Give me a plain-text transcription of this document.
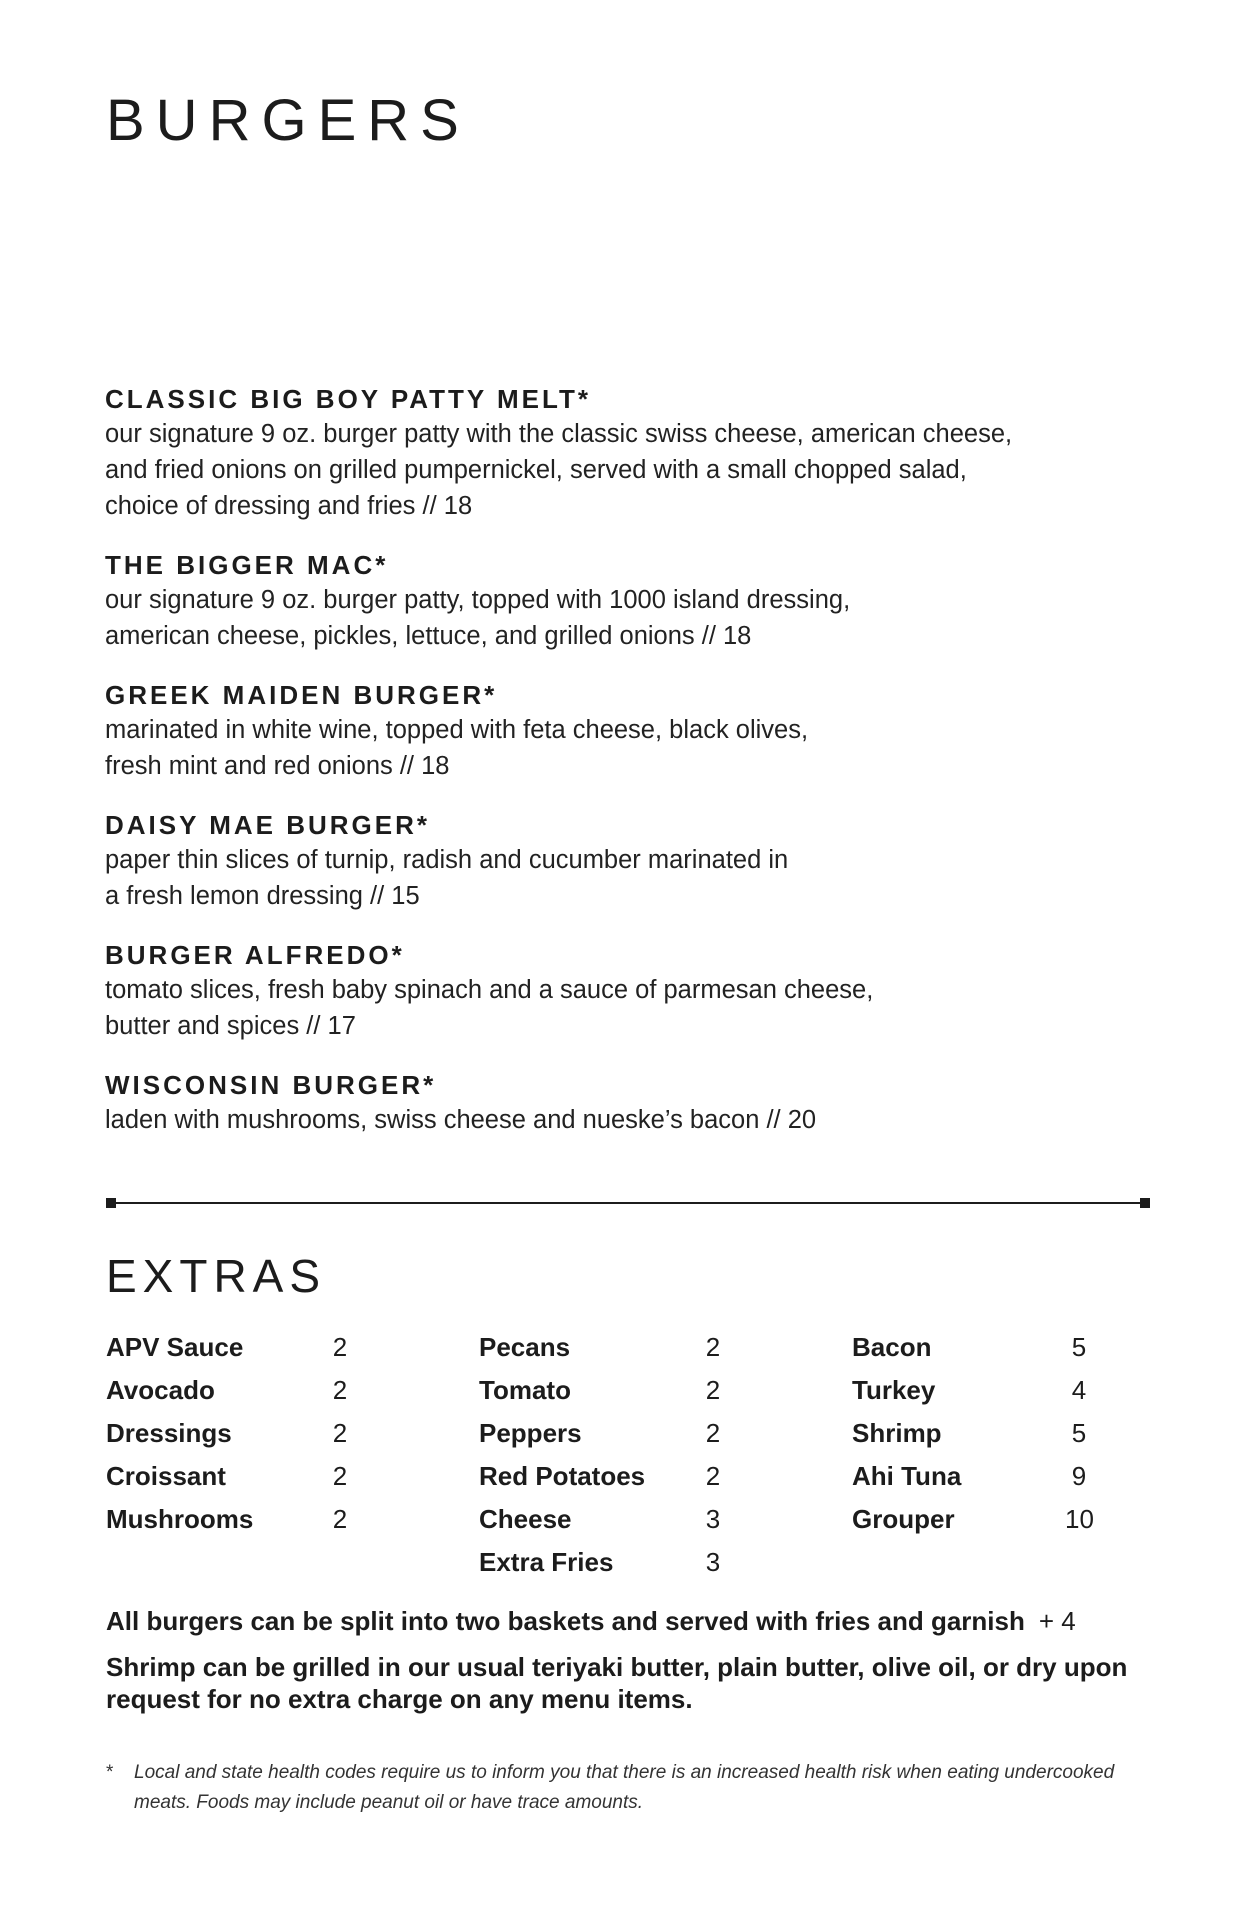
BURGERS
CLASSIC BIG BOY PATTY MELT*
our signature 9 oz. burger patty with the classic swiss cheese, american cheese,
and fried onions on grilled pumpernickel, served with a small chopped salad,
choice of dressing and fries // 18
THE BIGGER MAC*
our signature 9 oz. burger patty, topped with 1000 island dressing,
american cheese, pickles, lettuce, and grilled onions // 18
GREEK MAIDEN BURGER*
marinated in white wine, topped with feta cheese, black olives,
fresh mint and red onions // 18
DAISY MAE BURGER*
paper thin slices of turnip, radish and cucumber marinated in
a fresh lemon dressing // 15
BURGER ALFREDO*
tomato slices, fresh baby spinach and a sauce of parmesan cheese,
butter and spices // 17
WISCONSIN BURGER*
laden with mushrooms, swiss cheese and nueske’s bacon // 20
EXTRAS
APV Sauce	2
Avocado	2
Dressings	2
Croissant	2
Mushrooms	2
Pecans	2
Tomato	2
Peppers	2
Red Potatoes 2
Cheese	3
Extra Fries	3
Bacon	5
Turkey	4
Shrimp	5
Ahi Tuna	9
Grouper	10

All burgers can be split into two baskets and served with fries and garnish + 4

Shrimp can be grilled in our usual teriyaki butter, plain butter, olive oil, or dry upon request for no extra charge on any menu items.

* Local and state health codes require us to inform you that there is an increased health risk when eating undercooked meats. Foods may include peanut oil or have trace amounts.
